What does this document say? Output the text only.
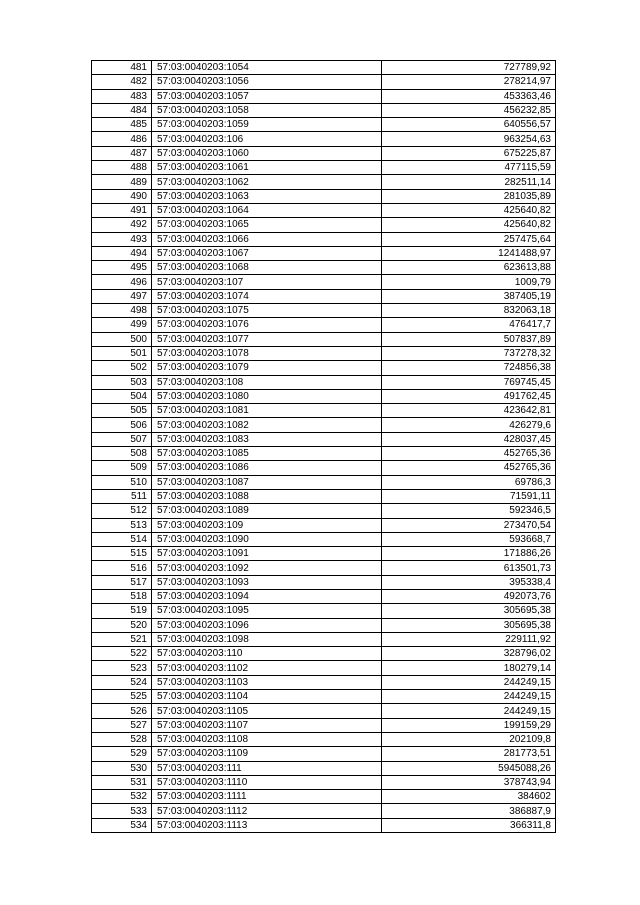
481	57:03:0040203:1054	727789,92
482	57:03:0040203:1056	278214,97
483	57:03:0040203:1057	453363,46
484	57:03:0040203:1058	456232,85
485	57:03:0040203:1059	640556,57
486	57:03:0040203:106	963254,63
487	57:03:0040203:1060	675225,87
488	57:03:0040203:1061	477115,59
489	57:03:0040203:1062	282511,14
490	57:03:0040203:1063	281035,89
491	57:03:0040203:1064	425640,82
492	57:03:0040203:1065	425640,82
493	57:03:0040203:1066	257475,64
494	57:03:0040203:1067	1241488,97
495	57:03:0040203:1068	623613,88
496	57:03:0040203:107	1009,79
497	57:03:0040203:1074	387405,19
498	57:03:0040203:1075	832063,18
499	57:03:0040203:1076	476417,7
500	57:03:0040203:1077	507837,89
501	57:03:0040203:1078	737278,32
502	57:03:0040203:1079	724856,38
503	57:03:0040203:108	769745,45
504	57:03:0040203:1080	491762,45
505	57:03:0040203:1081	423642,81
506	57:03:0040203:1082	426279,6
507	57:03:0040203:1083	428037,45
508	57:03:0040203:1085	452765,36
509	57:03:0040203:1086	452765,36
510	57:03:0040203:1087	69786,3
511	57:03:0040203:1088	71591,11
512	57:03:0040203:1089	592346,5
513	57:03:0040203:109	273470,54
514	57:03:0040203:1090	593668,7
515	57:03:0040203:1091	171886,26
516	57:03:0040203:1092	613501,73
517	57:03:0040203:1093	395338,4
518	57:03:0040203:1094	492073,76
519	57:03:0040203:1095	305695,38
520	57:03:0040203:1096	305695,38
521	57:03:0040203:1098	229111,92
522	57:03:0040203:110	328796,02
523	57:03:0040203:1102	180279,14
524	57:03:0040203:1103	244249,15
525	57:03:0040203:1104	244249,15
526	57:03:0040203:1105	244249,15
527	57:03:0040203:1107	199159,29
528	57:03:0040203:1108	202109,8
529	57:03:0040203:1109	281773,51
530	57:03:0040203:111	5945088,26
531	57:03:0040203:1110	378743,94
532	57:03:0040203:1111	384602
533	57:03:0040203:1112	386887,9
534	57:03:0040203:1113	366311,8
